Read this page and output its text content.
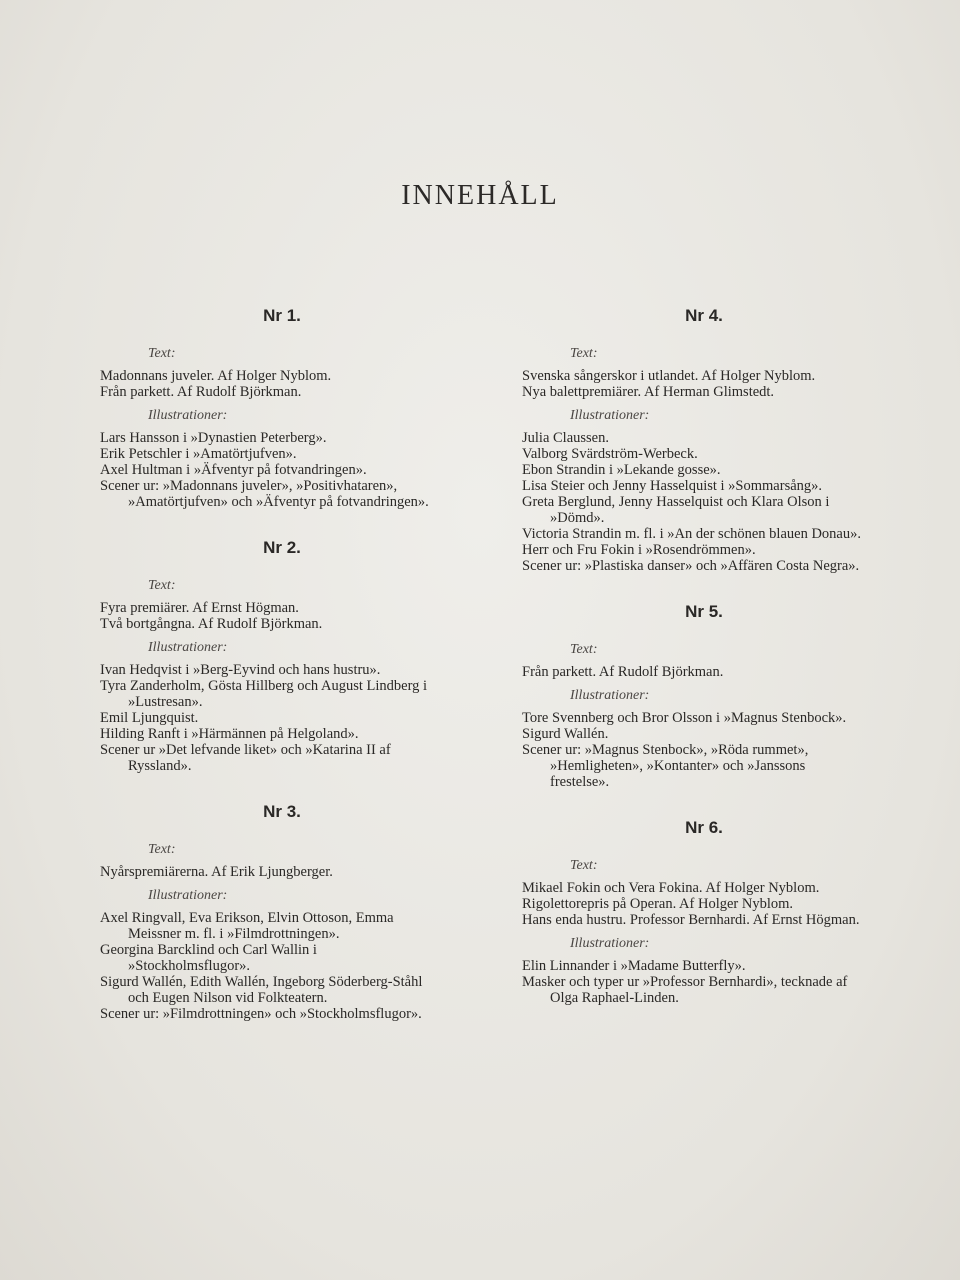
INNEHÅLL
Nr 1.
Text:

Madonnans juveler. Af Holger Nyblom.

Från parkett. Af Rudolf Björkman.

Illustrationer:

Lars Hansson i »Dynastien Peterberg».

Erik Petschler i »Amatörtjufven».

Axel Hultman i »Äfventyr på fotvandringen».

Scener ur: »Madonnans juveler», »Positivhataren», »Amatörtjufven» och »Äfventyr på fotvandringen».

Nr 2.
Text:

Fyra premiärer. Af Ernst Högman.

Två bortgångna. Af Rudolf Björkman.

Illustrationer:

Ivan Hedqvist i »Berg-Eyvind och hans hustru».

Tyra Zanderholm, Gösta Hillberg och August Lindberg i »Lustresan».

Emil Ljungquist.

Hilding Ranft i »Härmännen på Helgoland».

Scener ur »Det lefvande liket» och »Katarina II af Ryssland».

Nr 3.
Text:

Nyårspremiärerna. Af Erik Ljungberger.

Illustrationer:

Axel Ringvall, Eva Erikson, Elvin Ottoson, Emma Meissner m. fl. i »Filmdrottningen».

Georgina Barcklind och Carl Wallin i »Stockholmsflugor».

Sigurd Wallén, Edith Wallén, Ingeborg Söderberg-Ståhl och Eugen Nilson vid Folkteatern.

Scener ur: »Filmdrottningen» och »Stockholmsflugor».

Nr 4.
Text:

Svenska sångerskor i utlandet. Af Holger Nyblom.

Nya balettpremiärer. Af Herman Glimstedt.

Illustrationer:

Julia Claussen.

Valborg Svärdström-Werbeck.

Ebon Strandin i »Lekande gosse».

Lisa Steier och Jenny Hasselquist i »Sommarsång».

Greta Berglund, Jenny Hasselquist och Klara Olson i »Dömd».

Victoria Strandin m. fl. i »An der schönen blauen Donau».

Herr och Fru Fokin i »Rosendrömmen».

Scener ur: »Plastiska danser» och »Affären Costa Negra».

Nr 5.
Text:

Från parkett. Af Rudolf Björkman.

Illustrationer:

Tore Svennberg och Bror Olsson i »Magnus Stenbock».

Sigurd Wallén.

Scener ur: »Magnus Stenbock», »Röda rummet», »Hemligheten», »Kontanter» och »Janssons frestelse».

Nr 6.
Text:

Mikael Fokin och Vera Fokina. Af Holger Nyblom.

Rigolettorepris på Operan. Af Holger Nyblom.

Hans enda hustru. Professor Bernhardi. Af Ernst Högman.

Illustrationer:

Elin Linnander i »Madame Butterfly».

Masker och typer ur »Professor Bernhardi», tecknade af Olga Raphael-Linden.
